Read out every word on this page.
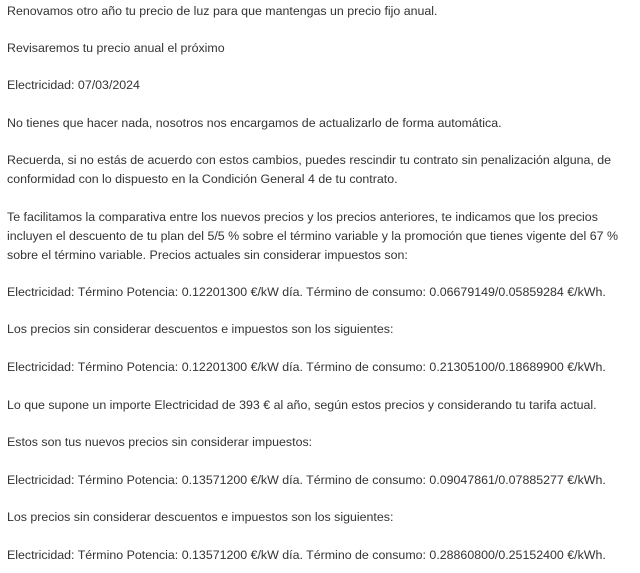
Renovamos otro año tu precio de luz para que mantengas un precio fijo anual.

Revisaremos tu precio anual el próximo

Electricidad: 07/03/2024

No tienes que hacer nada, nosotros nos encargamos de actualizarlo de forma automática.

Recuerda, si no estás de acuerdo con estos cambios, puedes rescindir tu contrato sin penalización alguna, de conformidad con lo dispuesto en la Condición General 4 de tu contrato.

Te facilitamos la comparativa entre los nuevos precios y los precios anteriores, te indicamos que los precios incluyen el descuento de tu plan del 5/5 % sobre el término variable y la promoción que tienes vigente del 67 % sobre el término variable. Precios actuales sin considerar impuestos son:

Electricidad: Término Potencia: 0.12201300 €/kW día. Término de consumo: 0.06679149/0.05859284 €/kWh.

Los precios sin considerar descuentos e impuestos son los siguientes:

Electricidad: Término Potencia: 0.12201300 €/kW día. Término de consumo: 0.21305100/0.18689900 €/kWh.

Lo que supone un importe Electricidad de 393 € al año, según estos precios y considerando tu tarifa actual.

Estos son tus nuevos precios sin considerar impuestos:

Electricidad: Término Potencia: 0.13571200 €/kW día. Término de consumo: 0.09047861/0.07885277 €/kWh.

Los precios sin considerar descuentos e impuestos son los siguientes:

Electricidad: Término Potencia: 0.13571200 €/kW día. Término de consumo: 0.28860800/0.25152400 €/kWh.
